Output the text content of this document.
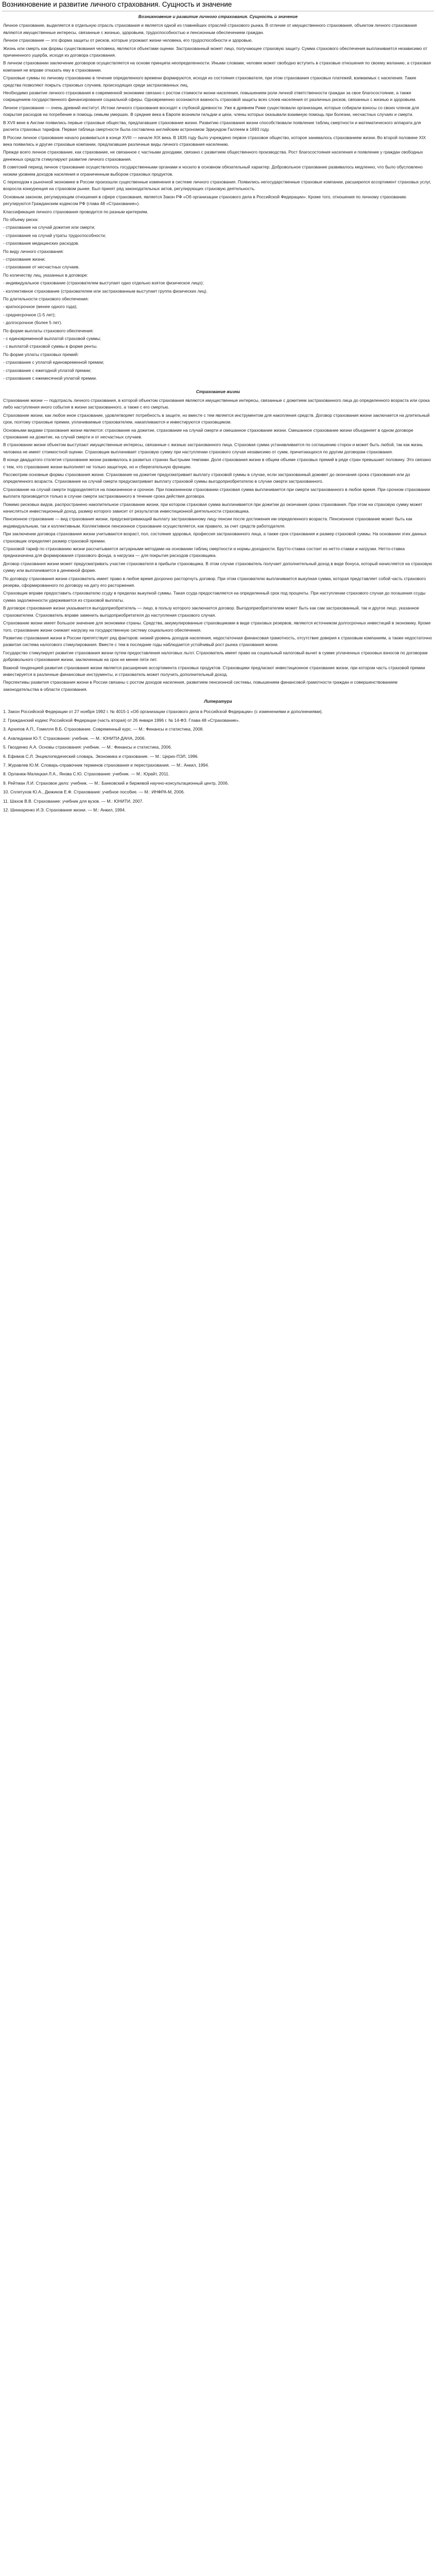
Возникновение и развитие личного страхования. Сущность и значение
Возникновение и развитие личного страхования. Сущность и значение
Личное страхование, выделяется в отдельную отрасль страхования и является одной из главнейших отраслей страхового рынка. В отличие от имущественного страхования, объектом личного страхования являются имущественные интересы, связанные с жизнью, здоровьем, трудоспособностью и пенсионным обеспечением граждан.
Личное страхование — это форма защиты от рисков, которые угрожают жизни человека, его трудоспособности и здоровью.
Жизнь или смерть как формы существования человека, являются объектами оценки. Застрахованный может лицо, получающее страховую защиту. Сумма страхового обеспечения выплачивается независимо от причиненного ущерба, исходя из договора страхования.
В личном страховании заключение договоров осуществляется на основе принципа неопределенности. Иными словами, человек может свободно вступить в страховые отношения по своему желанию, а страховая компания не вправе отказать ему в страховании.
Страховые суммы по личному страхованию в течение определенного времени формируются, исходя из состояния страхователя, при этом страхования страховых платежей, взимаемых с населения. Такие средства позволяют покрыть страховых случаев, происходящих среди застрахованных лиц.
Необходимо развитие личного страхования в современной экономике связано с ростом стоимости жизни населения, повышением роли личной ответственности граждан за свое благосостояние, а также сокращением государственного финансирования социальной сферы. Одновременно осознаются важность страховой защиты всех слоев населения от различных рисков, связанных с жизнью и здоровьем.
Личное страхование — очень древний институт. Истоки личного страхования восходят к глубокой древности. Уже в древнем Риме существовали организации, которые собирали взносы со своих членов для покрытия расходов на погребение и помощь семьям умерших. В средние века в Европе возникли гильдии и цехи, члены которых оказывали взаимную помощь при болезни, несчастных случаях и смерти.
В XVII веке в Англии появились первые страховые общества, предлагавшие страхование жизни. Развитию страхования жизни способствовали появление таблиц смертности и математического аппарата для расчета страховых тарифов. Первая таблица смертности была составлена английским астрономом Эдмундом Галлеем в 1693 году.
В России личное страхование начало развиваться в конце XVIII — начале XIX века. В 1835 году было учреждено первое страховое общество, которое занималось страхованием жизни. Во второй половине XIX века появились и другие страховые компании, предлагавшие различные виды личного страхования населению.
Прежде всего личное страхование, как страхование, не связанное с частными доходами, связано с развитием общественного производства. Рост благосостояния населения и появление у граждан свободных денежных средств стимулируют развитие личного страхования.
В советский период личное страхование осуществлялось государственными органами и носило в основном обязательный характер. Добровольное страхование развивалось медленно, что было обусловлено низким уровнем доходов населения и ограниченным выбором страховых продуктов.
С переходом к рыночной экономике в России произошли существенные изменения в системе личного страхования. Появились негосударственные страховые компании, расширился ассортимент страховых услуг, возросла конкуренция на страховом рынке. Был принят ряд законодательных актов, регулирующих страховую деятельность.
Основным законом, регулирующим отношения в сфере страхования, является Закон РФ «Об организации страхового дела в Российской Федерации». Кроме того, отношения по личному страхованию регулируются Гражданским кодексом РФ (глава 48 «Страхование»).
Классификация личного страхования проводится по разным критериям.
По объему риска:
- страхование на случай дожития или смерти;
- страхование на случай утраты трудоспособности;
- страхование медицинских расходов.
По виду личного страхования:
- страхование жизни;
- страхование от несчастных случаев.
По количеству лиц, указанных в договоре:
- индивидуальное страхование (страхователем выступает одно отдельно взятое физическое лицо);
- коллективное страхование (страхователем или застрахованным выступает группа физических лиц).
По длительности страхового обеспечения:
- краткосрочное (менее одного года);
- среднесрочное (1-5 лет);
- долгосрочное (более 5 лет).
По форме выплаты страхового обеспечения:
- с единовременной выплатой страховой суммы;
- с выплатой страховой суммы в форме ренты.
По форме уплаты страховых премий:
- страхование с уплатой единовременной премии;
- страхование с ежегодной уплатой премии;
- страхование с ежемесячной уплатой премии.
Страхование жизни
Страхование жизни — подотрасль личного страхования, в которой объектом страхования являются имущественные интересы, связанные с дожитием застрахованного лица до определенного возраста или срока либо наступления иного события в жизни застрахованного, а также с его смертью.
Страхование жизни, как любое иное страхование, удовлетворяет потребность в защите, но вместе с тем является инструментом для накопления средств. Договор страхования жизни заключается на длительный срок, поэтому страховые премии, уплачиваемые страхователем, накапливаются и инвестируются страховщиком.
Основными видами страхования жизни являются: страхование на дожитие, страхование на случай смерти и смешанное страхование жизни. Смешанное страхование жизни объединяет в одном договоре страхование на дожитие, на случай смерти и от несчастных случаев.
В страховании жизни объектом выступают имущественные интересы, связанные с жизнью застрахованного лица. Страховая сумма устанавливается по соглашению сторон и может быть любой, так как жизнь человека не имеет стоимостной оценки. Страховщик выплачивает страховую сумму при наступлении страхового случая независимо от сумм, причитающихся по другим договорам страхования.
В конце двадцатого столетия страхование жизни развивалось в развитых странах быстрыми темпами. Доля страхования жизни в общем объеме страховых премий в ряде стран превышает половину. Это связано с тем, что страхование жизни выполняет не только защитную, но и сберегательную функцию.
Рассмотрим основные формы страхования жизни. Страхование на дожитие предусматривает выплату страховой суммы в случае, если застрахованный доживет до окончания срока страхования или до определенного возраста. Страхование на случай смерти предусматривает выплату страховой суммы выгодоприобретателю в случае смерти застрахованного.
Страхование на случай смерти подразделяется на пожизненное и срочное. При пожизненном страховании страховая сумма выплачивается при смерти застрахованного в любое время. При срочном страховании выплата производится только в случае смерти застрахованного в течение срока действия договора.
Помимо рисковых видов, распространено накопительное страхование жизни, при котором страховая сумма выплачивается при дожитии до окончания срока страхования. При этом на страховую сумму может начисляться инвестиционный доход, размер которого зависит от результатов инвестиционной деятельности страховщика.
Пенсионное страхование — вид страхования жизни, предусматривающий выплату застрахованному лицу пенсии после достижения им определенного возраста. Пенсионное страхование может быть как индивидуальным, так и коллективным. Коллективное пенсионное страхование осуществляется, как правило, за счет средств работодателя.
При заключении договора страхования жизни учитываются возраст, пол, состояние здоровья, профессия застрахованного лица, а также срок страхования и размер страховой суммы. На основании этих данных страховщик определяет размер страховой премии.
Страховой тариф по страхованию жизни рассчитывается актуарными методами на основании таблиц смертности и нормы доходности. Брутто-ставка состоит из нетто-ставки и нагрузки. Нетто-ставка предназначена для формирования страхового фонда, а нагрузка — для покрытия расходов страховщика.
Договор страхования жизни может предусматривать участие страхователя в прибыли страховщика. В этом случае страхователь получает дополнительный доход в виде бонуса, который начисляется на страховую сумму или выплачивается в денежной форме.
По договору страхования жизни страхователь имеет право в любое время досрочно расторгнуть договор. При этом страхователю выплачивается выкупная сумма, которая представляет собой часть страхового резерва, сформированного по договору на дату его расторжения.
Страховщик вправе предоставить страхователю ссуду в пределах выкупной суммы. Такая ссуда предоставляется на определенный срок под проценты. При наступлении страхового случая до погашения ссуды сумма задолженности удерживается из страховой выплаты.
В договоре страхования жизни указывается выгодоприобретатель — лицо, в пользу которого заключается договор. Выгодоприобретателем может быть как сам застрахованный, так и другое лицо, указанное страхователем. Страхователь вправе заменить выгодоприобретателя до наступления страхового случая.
Страхование жизни имеет большое значение для экономики страны. Средства, аккумулированные страховщиками в виде страховых резервов, являются источником долгосрочных инвестиций в экономику. Кроме того, страхование жизни снижает нагрузку на государственную систему социального обеспечения.
Развитию страхования жизни в России препятствует ряд факторов: низкий уровень доходов населения, недостаточная финансовая грамотность, отсутствие доверия к страховым компаниям, а также недостаточно развитая система налогового стимулирования. Вместе с тем в последние годы наблюдается устойчивый рост рынка страхования жизни.
Государство стимулирует развитие страхования жизни путем предоставления налоговых льгот. Страхователь имеет право на социальный налоговый вычет в сумме уплаченных страховых взносов по договорам добровольного страхования жизни, заключенным на срок не менее пяти лет.
Важной тенденцией развития страхования жизни является расширение ассортимента страховых продуктов. Страховщики предлагают инвестиционное страхование жизни, при котором часть страховой премии инвестируется в различные финансовые инструменты, и страхователь может получить дополнительный доход.
Перспективы развития страхования жизни в России связаны с ростом доходов населения, развитием пенсионной системы, повышением финансовой грамотности граждан и совершенствованием законодательства в области страхования.
Литература
1. Закон Российской Федерации от 27 ноября 1992 г. № 4015-1 «Об организации страхового дела в Российской Федерации» (с изменениями и дополнениями).
2. Гражданский кодекс Российской Федерации (часть вторая) от 26 января 1996 г. № 14-ФЗ. Глава 48 «Страхование».
3. Архипов А.П., Гомелля В.Б. Страхование. Современный курс. — М.: Финансы и статистика, 2008.
4. Ахвледиани Ю.Т. Страхование: учебник. — М.: ЮНИТИ-ДАНА, 2006.
5. Гвозденко А.А. Основы страхования: учебник. — М.: Финансы и статистика, 2006.
6. Ефимов С.Л. Энциклопедический словарь. Экономика и страхование. — М.: Церих-ПЭЛ, 1996.
7. Журавлев Ю.М. Словарь-справочник терминов страхования и перестрахования. — М.: Анкил, 1994.
8. Орланюк-Малицкая Л.А., Янова С.Ю. Страхование: учебник. — М.: Юрайт, 2011.
9. Рейтман Л.И. Страховое дело: учебник. — М.: Банковский и биржевой научно-консультационный центр, 2006.
10. Сплетухов Ю.А., Дюжиков Е.Ф. Страхование: учебное пособие. — М.: ИНФРА-М, 2006.
11. Шахов В.В. Страхование: учебник для вузов. — М.: ЮНИТИ, 2007.
12. Шинкаренко И.Э. Страхование жизни. — М.: Анкил, 1994.
